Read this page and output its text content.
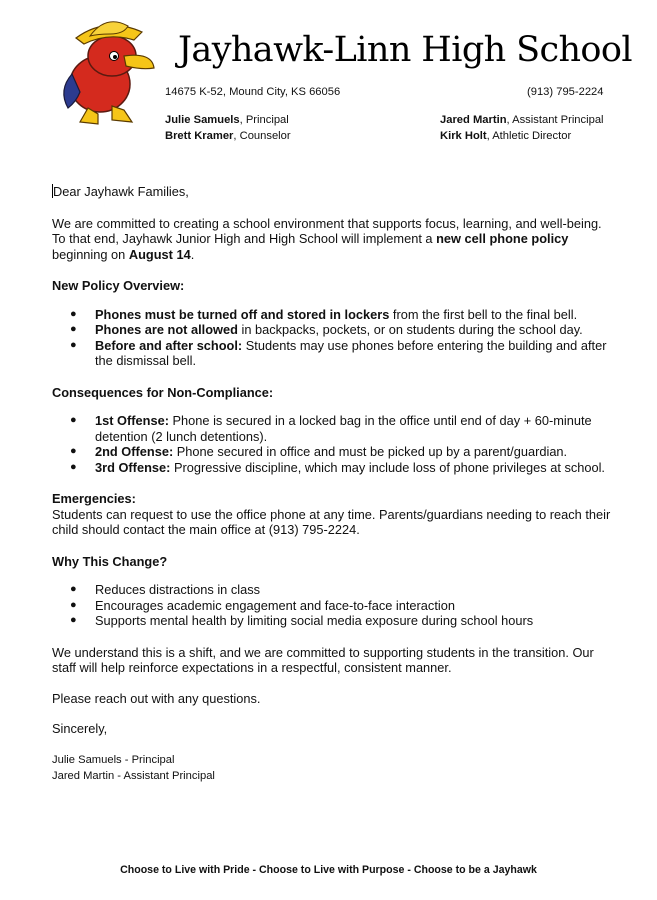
Jayhawk-Linn High School
14675 K-52, Mound City, KS 66056	(913) 795-2224
Julie Samuels, Principal
Brett Kramer, Counselor
Jared Martin, Assistant Principal
Kirk Holt, Athletic Director

Dear Jayhawk Families,

We are committed to creating a school environment that supports focus, learning, and well-being. To that end, Jayhawk Junior High and High School will implement a new cell phone policy beginning on August 14.

New Policy Overview:

● Phones must be turned off and stored in lockers from the first bell to the final bell.
● Phones are not allowed in backpacks, pockets, or on students during the school day.
● Before and after school: Students may use phones before entering the building and after the dismissal bell.

Consequences for Non-Compliance:

● 1st Offense: Phone is secured in a locked bag in the office until end of day + 60-minute detention (2 lunch detentions).
● 2nd Offense: Phone secured in office and must be picked up by a parent/guardian.
● 3rd Offense: Progressive discipline, which may include loss of phone privileges at school.

Emergencies:

Students can request to use the office phone at any time. Parents/guardians needing to reach their child should contact the main office at (913) 795-2224.

Why This Change?

● Reduces distractions in class
● Encourages academic engagement and face-to-face interaction
● Supports mental health by limiting social media exposure during school hours

We understand this is a shift, and we are committed to supporting students in the transition. Our staff will help reinforce expectations in a respectful, consistent manner.

Please reach out with any questions.

Sincerely,

Julie Samuels - Principal

Jared Martin - Assistant Principal

Choose to Live with Pride - Choose to Live with Purpose - Choose to be a Jayhawk
